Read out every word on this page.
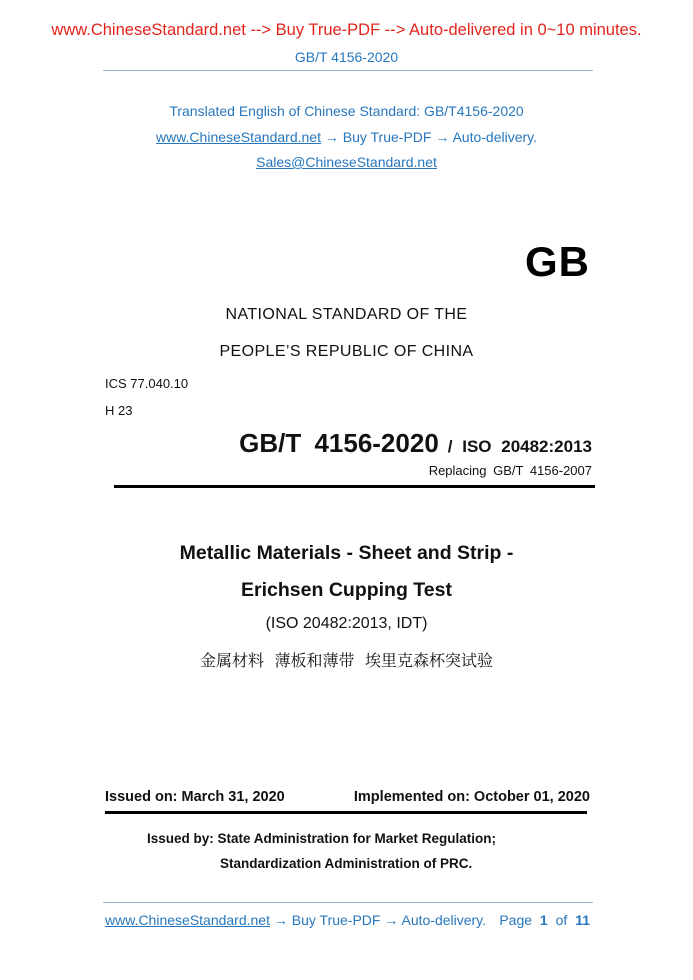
www.ChineseStandard.net --> Buy True-PDF --> Auto-delivered in 0~10 minutes.
GB/T 4156-2020
Translated English of Chinese Standard: GB/T4156-2020
www.ChineseStandard.net → Buy True-PDF → Auto-delivery.
Sales@ChineseStandard.net
GB
NATIONAL STANDARD OF THE
PEOPLE’S REPUBLIC OF CHINA
ICS 77.040.10
H 23
GB/T 4156-2020 / ISO 20482:2013
Replacing GB/T 4156-2007
Metallic Materials - Sheet and Strip -
Erichsen Cupping Test
(ISO 20482:2013, IDT)
金属材料 薄板和薄带 埃里克森杯突试验
Issued on: March 31, 2020	Implemented on: October 01, 2020
Issued by: State Administration for Market Regulation;
Standardization Administration of PRC.
www.ChineseStandard.net → Buy True-PDF → Auto-delivery. Page 1 of 11
